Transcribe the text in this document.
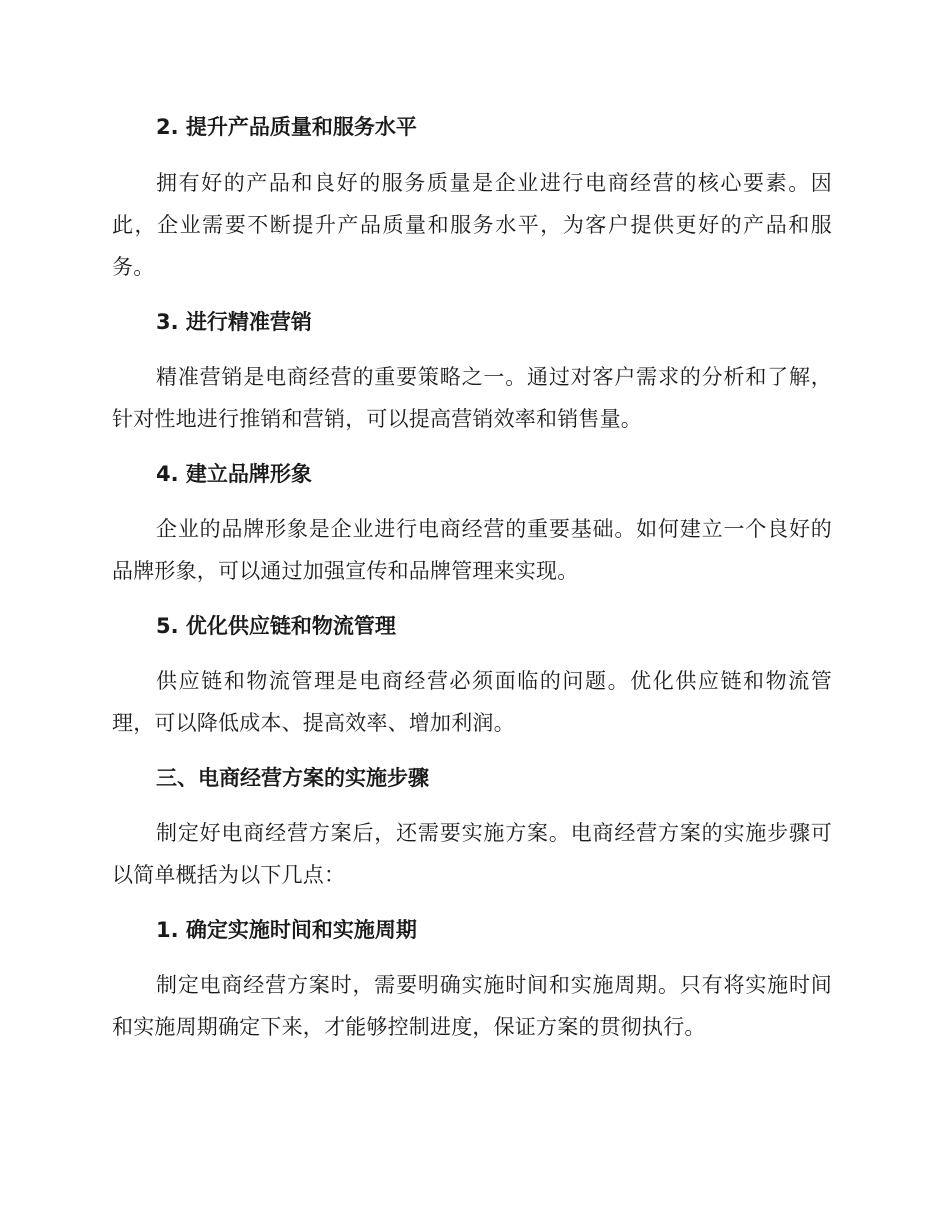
2. 提升产品质量和服务水平
拥有好的产品和良好的服务质量是企业进行电商经营的核心要素。因此，企业需要不断提升产品质量和服务水平，为客户提供更好的产品和服务。
3. 进行精准营销
精准营销是电商经营的重要策略之一。通过对客户需求的分析和了解，针对性地进行推销和营销，可以提高营销效率和销售量。
4. 建立品牌形象
企业的品牌形象是企业进行电商经营的重要基础。如何建立一个良好的品牌形象，可以通过加强宣传和品牌管理来实现。
5. 优化供应链和物流管理
供应链和物流管理是电商经营必须面临的问题。优化供应链和物流管理，可以降低成本、提高效率、增加利润。
三、电商经营方案的实施步骤
制定好电商经营方案后，还需要实施方案。电商经营方案的实施步骤可以简单概括为以下几点：
1. 确定实施时间和实施周期
制定电商经营方案时，需要明确实施时间和实施周期。只有将实施时间和实施周期确定下来，才能够控制进度，保证方案的贯彻执行。
